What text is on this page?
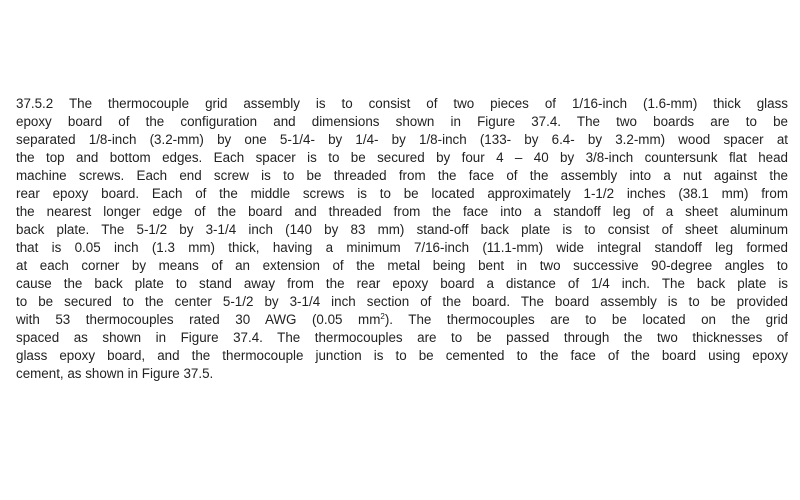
37.5.2 The thermocouple grid assembly is to consist of two pieces of 1/16-inch (1.6-mm) thick glass
epoxy board of the configuration and dimensions shown in Figure 37.4. The two boards are to be
separated 1/8-inch (3.2-mm) by one 5-1/4- by 1/4- by 1/8-inch (133- by 6.4- by 3.2-mm) wood spacer at
the top and bottom edges. Each spacer is to be secured by four 4 – 40 by 3/8-inch countersunk flat head
machine screws. Each end screw is to be threaded from the face of the assembly into a nut against the
rear epoxy board. Each of the middle screws is to be located approximately 1-1/2 inches (38.1 mm) from
the nearest longer edge of the board and threaded from the face into a standoff leg of a sheet aluminum
back plate. The 5-1/2 by 3-1/4 inch (140 by 83 mm) stand-off back plate is to consist of sheet aluminum
that is 0.05 inch (1.3 mm) thick, having a minimum 7/16-inch (11.1-mm) wide integral standoff leg formed
at each corner by means of an extension of the metal being bent in two successive 90-degree angles to
cause the back plate to stand away from the rear epoxy board a distance of 1/4 inch. The back plate is
to be secured to the center 5-1/2 by 3-1/4 inch section of the board. The board assembly is to be provided
with 53 thermocouples rated 30 AWG (0.05 $mm^2$). The thermocouples are to be located on the grid
spaced as shown in Figure 37.4. The thermocouples are to be passed through the two thicknesses of
glass epoxy board, and the thermocouple junction is to be cemented to the face of the board using epoxy
cement, as shown in Figure 37.5.
